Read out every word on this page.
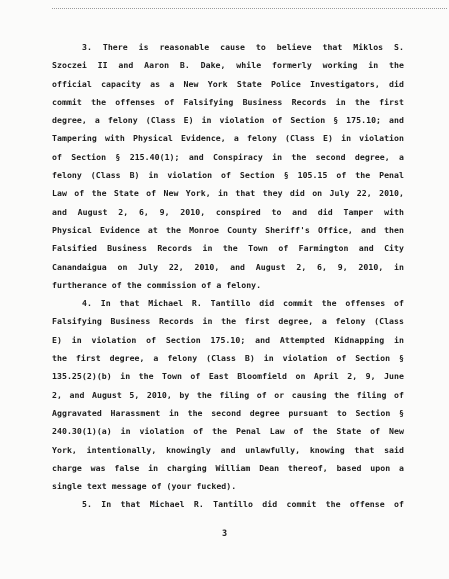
3. There is reasonable cause to believe that Miklos S.
Szoczei II and Aaron B. Dake, while formerly working in the
official capacity as a New York State Police Investigators, did
commit the offenses of Falsifying Business Records in the first
degree, a felony (Class E) in violation of Section § 175.10; and
Tampering with Physical Evidence, a felony (Class E) in violation
of Section § 215.40(1); and Conspiracy in the second degree, a
felony (Class B) in violation of Section § 105.15 of the Penal
Law of the State of New York, in that they did on July 22, 2010,
and August 2, 6, 9, 2010, conspired to and did Tamper with
Physical Evidence at the Monroe County Sheriff's Office, and then
Falsified Business Records in the Town of Farmington and City
Canandaigua on July 22, 2010, and August 2, 6, 9, 2010, in
furtherance of the commission of a felony.
4. In that Michael R. Tantillo did commit the offenses of
Falsifying Business Records in the first degree, a felony (Class
E) in violation of Section 175.10; and Attempted Kidnapping in
the first degree, a felony (Class B) in violation of Section §
135.25(2)(b) in the Town of East Bloomfield on April 2, 9, June
2, and August 5, 2010, by the filing of or causing the filing of
Aggravated Harassment in the second degree pursuant to Section §
240.30(1)(a) in violation of the Penal Law of the State of New
York, intentionally, knowingly and unlawfully, knowing that said
charge was false in charging William Dean thereof, based upon a
single text message of (your fucked).
5. In that Michael R. Tantillo did commit the offense of
3
